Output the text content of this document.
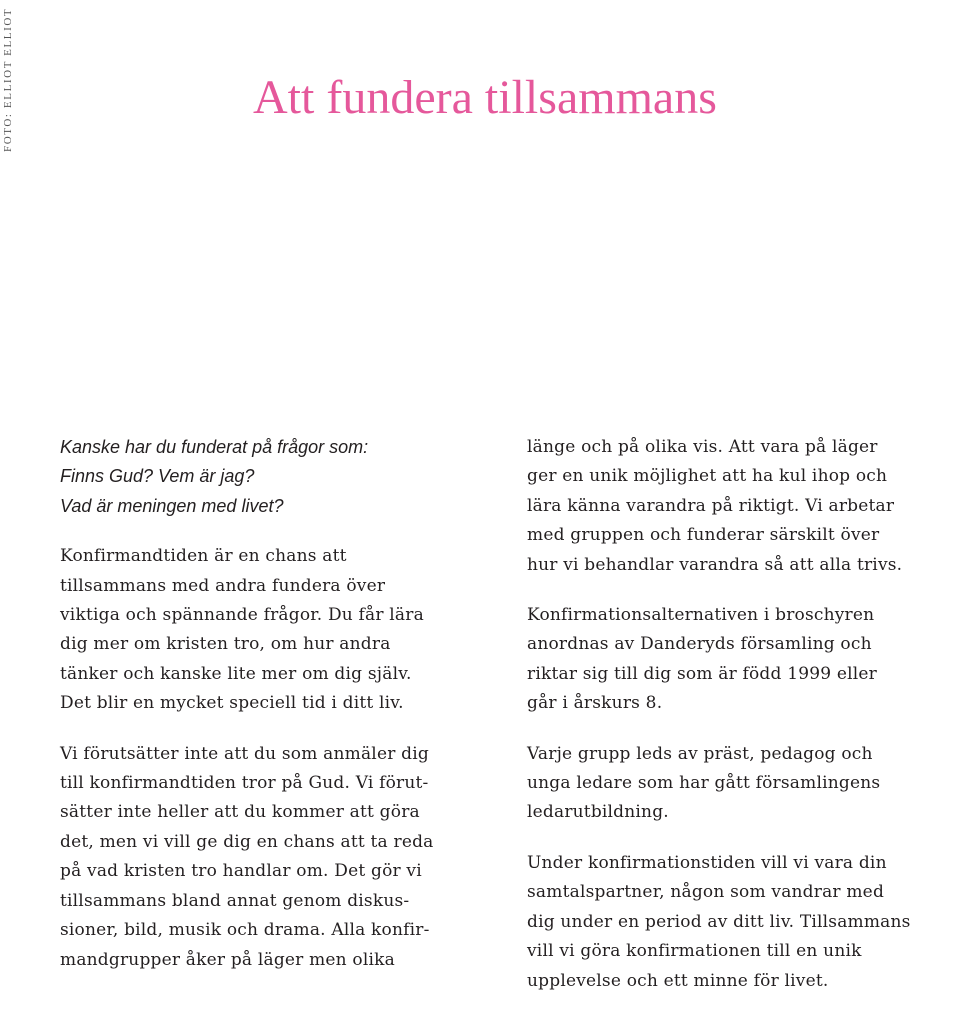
FOTO: ELLIOT ELLIOT	Att fundera tillsammans

Kanske har du funderat på frågor som:
Finns Gud? Vem är jag?
Vad är meningen med livet?

Konfirmandtiden är en chans att
tillsammans med andra fundera över
viktiga och spännande frågor. Du får lära
dig mer om kristen tro, om hur andra
tänker och kanske lite mer om dig själv.
Det blir en mycket speciell tid i ditt liv.

Vi förutsätter inte att du som anmäler dig
till konfirmandtiden tror på Gud. Vi förut-
sätter inte heller att du kommer att göra
det, men vi vill ge dig en chans att ta reda
på vad kristen tro handlar om. Det gör vi
tillsammans bland annat genom diskus-
sioner, bild, musik och drama. Alla konfir-
mandgrupper åker på läger men olika

länge och på olika vis. Att vara på läger
ger en unik möjlighet att ha kul ihop och
lära känna varandra på riktigt. Vi arbetar
med gruppen och funderar särskilt över
hur vi behandlar varandra så att alla trivs.

Konfirmationsalternativen i broschyren
anordnas av Danderyds församling och
riktar sig till dig som är född 1999 eller
går i årskurs 8.

Varje grupp leds av präst, pedagog och
unga ledare som har gått församlingens
ledarutbildning.

Under konfirmationstiden vill vi vara din
samtalspartner, någon som vandrar med
dig under en period av ditt liv. Tillsammans
vill vi göra konfirmationen till en unik
upplevelse och ett minne för livet.
